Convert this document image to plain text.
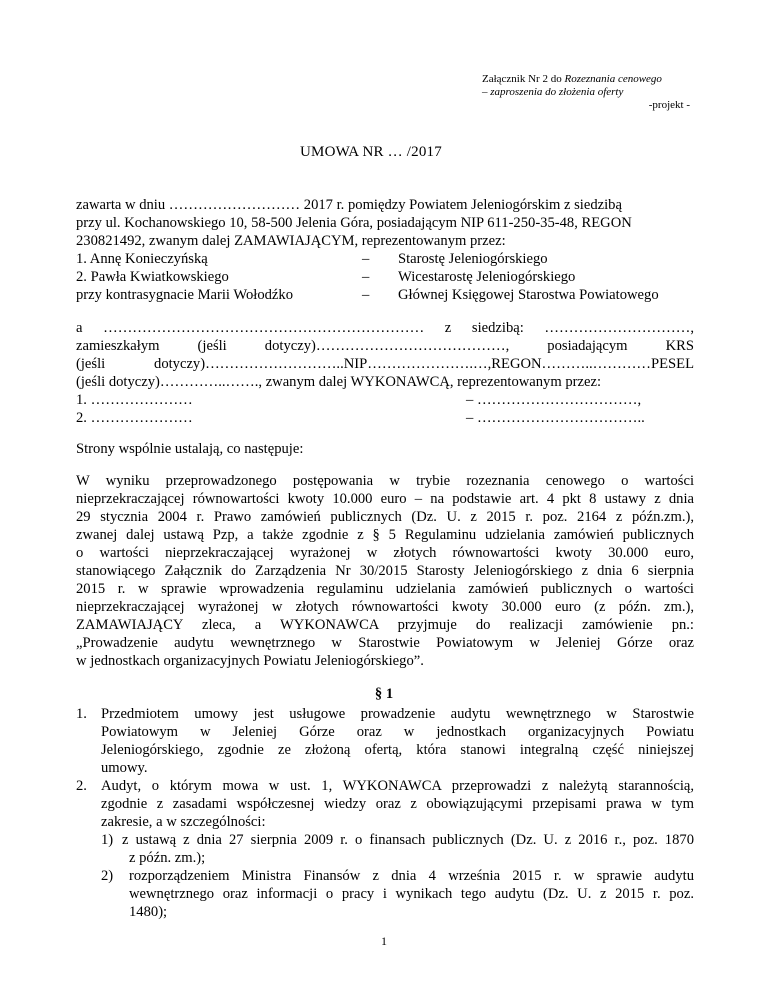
Załącznik Nr 2 do Rozeznania cenowego
– zaproszenia do złożenia oferty
-projekt -
UMOWA NR … /2017
zawarta w dniu ……………………… 2017 r. pomiędzy Powiatem Jeleniogórskim z siedzibą
przy ul. Kochanowskiego 10, 58-500 Jelenia Góra, posiadającym NIP 611-250-35-48, REGON
230821492, zwanym dalej ZAMAWIAJĄCYM, reprezentowanym przez:
1. Annę Konieczyńską	– Starostę Jeleniogórskiego
2. Pawła Kwiatkowskiego	– Wicestarostę Jeleniogórskiego
przy kontrasygnacie Marii Wołodźko	– Głównej Księgowej Starostwa Powiatowego
a ………………………………………………………… z siedzibą: …………………………,
zamieszkałym (jeśli dotyczy)…………………………………, posiadającym KRS
(jeśli dotyczy)………………………..NIP………………….…,REGON………..…………PESEL
(jeśli dotyczy)…………..……., zwanym dalej WYKONAWCĄ, reprezentowanym przez:
1. …………………	– ……………………………,
2. …………………	– ……………………………..
Strony wspólnie ustalają, co następuje:
W wyniku przeprowadzonego postępowania w trybie rozeznania cenowego o wartości
nieprzekraczającej równowartości kwoty 10.000 euro – na podstawie art. 4 pkt 8 ustawy z dnia
29 stycznia 2004 r. Prawo zamówień publicznych (Dz. U. z 2015 r. poz. 2164 z późn.zm.),
zwanej dalej ustawą Pzp, a także zgodnie z § 5 Regulaminu udzielania zamówień publicznych
o wartości nieprzekraczającej wyrażonej w złotych równowartości kwoty 30.000 euro,
stanowiącego Załącznik do Zarządzenia Nr 30/2015 Starosty Jeleniogórskiego z dnia 6 sierpnia
2015 r. w sprawie wprowadzenia regulaminu udzielania zamówień publicznych o wartości
nieprzekraczającej wyrażonej w złotych równowartości kwoty 30.000 euro (z późn. zm.),
ZAMAWIAJĄCY zleca, a WYKONAWCA przyjmuje do realizacji zamówienie pn.:
„Prowadzenie audytu wewnętrznego w Starostwie Powiatowym w Jeleniej Górze oraz
w jednostkach organizacyjnych Powiatu Jeleniogórskiego”.
§ 1
1. Przedmiotem umowy jest usługowe prowadzenie audytu wewnętrznego w Starostwie
Powiatowym w Jeleniej Górze oraz w jednostkach organizacyjnych Powiatu
Jeleniogórskiego, zgodnie ze złożoną ofertą, która stanowi integralną część niniejszej
umowy.
2. Audyt, o którym mowa w ust. 1, WYKONAWCA przeprowadzi z należytą starannością,
zgodnie z zasadami współczesnej wiedzy oraz z obowiązującymi przepisami prawa w tym
zakresie, a w szczególności:
1) z ustawą z dnia 27 sierpnia 2009 r. o finansach publicznych (Dz. U. z 2016 r., poz. 1870
z późn. zm.);
2) rozporządzeniem Ministra Finansów z dnia 4 września 2015 r. w sprawie audytu
wewnętrznego oraz informacji o pracy i wynikach tego audytu (Dz. U. z 2015 r. poz.
1480);
1
